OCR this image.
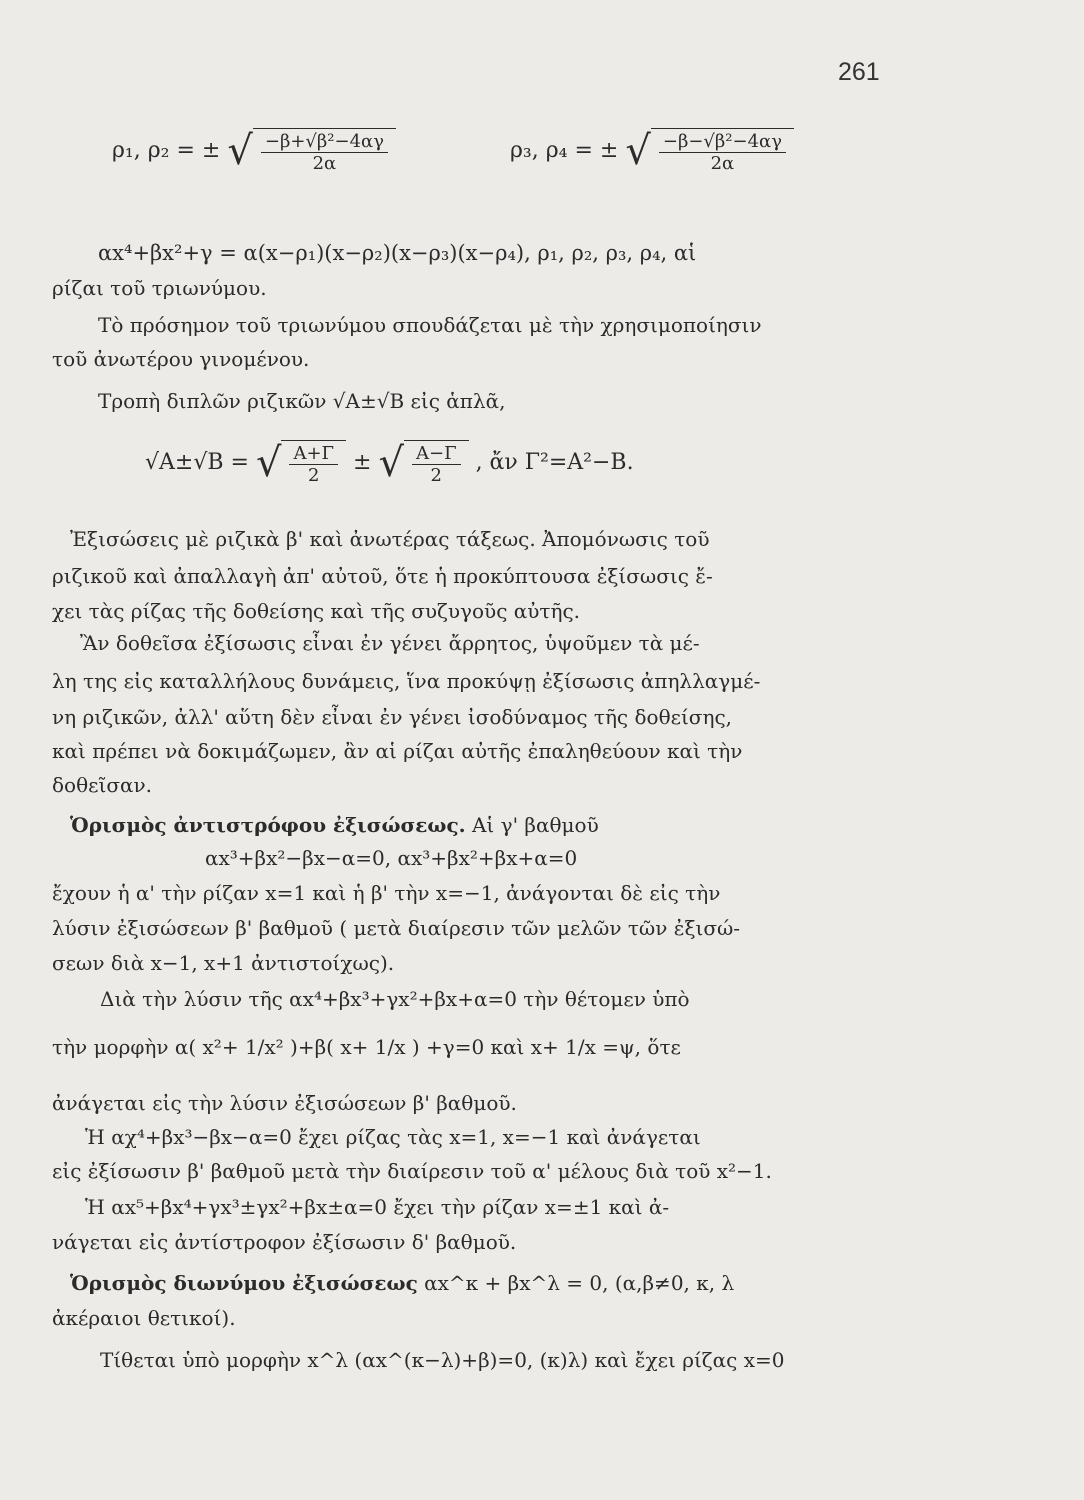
261
ρ₁, ρ₂ = ± √ $\frac{\text{−β+√β²−4αγ}}{2\alpha}$	ρ₃, ρ₄ = ± √ $\frac{\text{−β−√β²−4αγ}}{2\alpha}$
αx⁴+βx²+γ = α(x−ρ₁)(x−ρ₂)(x−ρ₃)(x−ρ₄), ρ₁, ρ₂, ρ₃, ρ₄, αἱ
ρίζαι τοῦ τριωνύμου.
Τὸ πρόσημον τοῦ τριωνύμου σπουδάζεται μὲ τὴν χρησιμοποίησιν
τοῦ ἀνωτέρου γινομένου.
Τροπὴ διπλῶν ριζικῶν √A±√B εἰς ἁπλᾶ,
√A±√B = √ $\frac{A+\Gamma}{2}$ ± √ $\frac{A-\Gamma}{2}$ , ἄν Γ²=A²−B.
Ἐξισώσεις μὲ ριζικὰ β' καὶ ἀνωτέρας τάξεως. Ἀπομόνωσις τοῦ
ριζικοῦ καὶ ἀπαλλαγὴ ἀπ' αὐτοῦ, ὅτε ἡ προκύπτουσα ἐξίσωσις ἔ-
χει τὰς ρίζας τῆς δοθείσης καὶ τῆς συζυγοῦς αὐτῆς.
Ἂν δοθεῖσα ἐξίσωσις εἶναι ἐν γένει ἄρρητος, ὑψοῦμεν τὰ μέ-
λη της εἰς καταλλήλους δυνάμεις, ἵνα προκύψῃ ἐξίσωσις ἀπηλλαγμέ-
νη ριζικῶν, ἀλλ' αὕτη δὲν εἶναι ἐν γένει ἰσοδύναμος τῆς δοθείσης,
καὶ πρέπει νὰ δοκιμάζωμεν, ἂν αἱ ρίζαι αὐτῆς ἐπαληθεύουν καὶ τὴν
δοθεῖσαν.
Ὁρισμὸς ἀντιστρόφου ἐξισώσεως. Αἱ γ' βαθμοῦ
αx³+βx²−βx−α=0, αx³+βx²+βx+α=0
ἔχουν ἡ α' τὴν ρίζαν x=1 καὶ ἡ β' τὴν x=−1, ἀνάγονται δὲ εἰς τὴν
λύσιν ἐξισώσεων β' βαθμοῦ ( μετὰ διαίρεσιν τῶν μελῶν τῶν ἐξισώ-
σεων διὰ x−1, x+1 ἀντιστοίχως).
Διὰ τὴν λύσιν τῆς αx⁴+βx³+γx²+βx+α=0 τὴν θέτομεν ὑπὸ
τὴν μορφὴν α( x²+ 1/x² )+β( x+ 1/x ) +γ=0 καὶ x+ 1/x =ψ, ὅτε
ἀνάγεται εἰς τὴν λύσιν ἐξισώσεων β' βαθμοῦ.
Ἡ αχ⁴+βx³−βx−α=0 ἔχει ρίζας τὰς x=1, x=−1 καὶ ἀνάγεται
εἰς ἐξίσωσιν β' βαθμοῦ μετὰ τὴν διαίρεσιν τοῦ α' μέλους διὰ τοῦ x²−1.
Ἡ αx⁵+βx⁴+γx³±γx²+βx±α=0 ἔχει τὴν ρίζαν x=±1 καὶ ἀ-
νάγεται εἰς ἀντίστροφον ἐξίσωσιν δ' βαθμοῦ.
Ὁρισμὸς διωνύμου ἐξισώσεως αx^κ + βx^λ = 0, (α,β≠0, κ, λ
ἀκέραιοι θετικοί).
Τίθεται ὑπὸ μορφὴν x^λ (αx^(κ−λ)+β)=0, (κ)λ) καὶ ἔχει ρίζας x=0
